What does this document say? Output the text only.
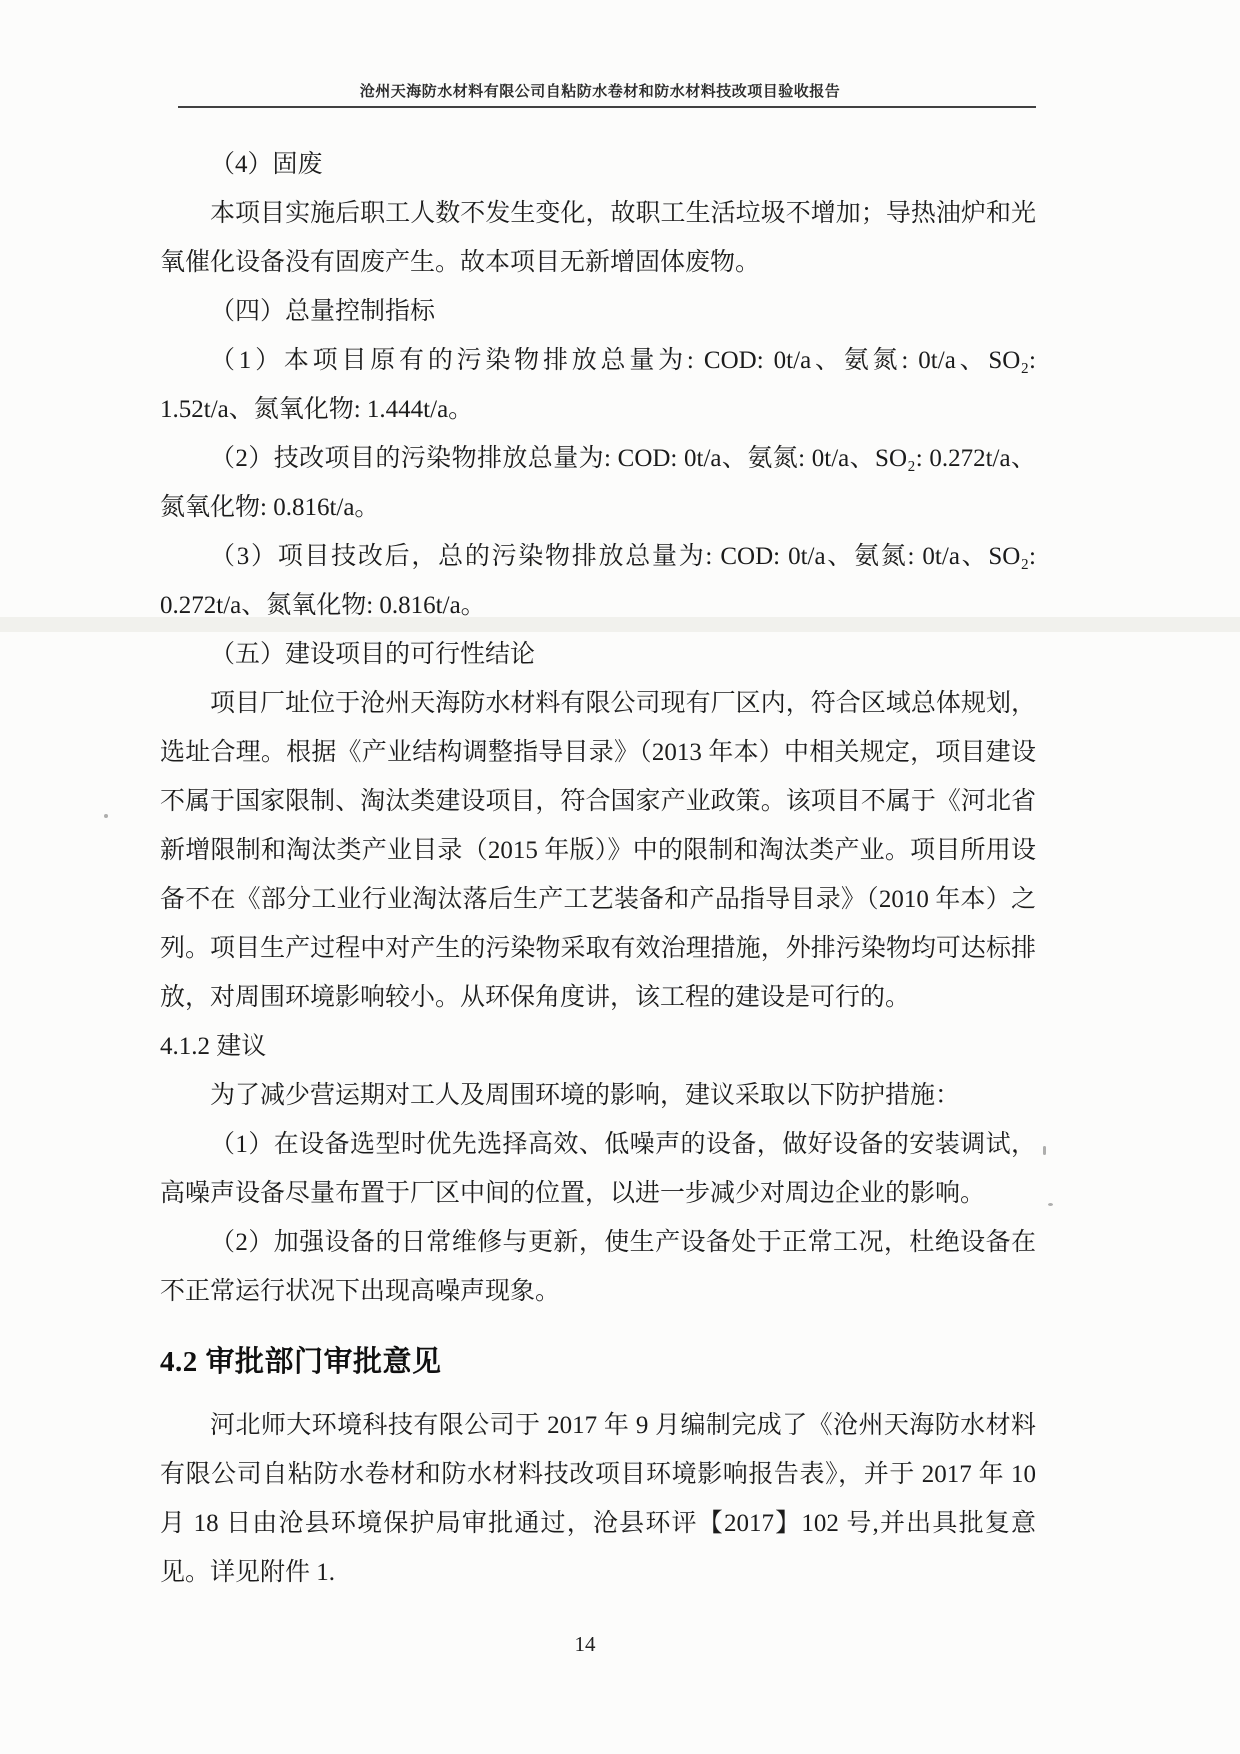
沧州天海防水材料有限公司自粘防水卷材和防水材料技改项目验收报告

（4）固废

本项目实施后职工人数不发生变化，故职工生活垃圾不增加；导热油炉和光氧催化设备没有固废产生。故本项目无新增固体废物。

（四）总量控制指标

（1）本项目原有的污染物排放总量为: COD: 0t/a、氨氮: 0t/a、SO₂: 1.52t/a、氮氧化物: 1.444t/a。

（2）技改项目的污染物排放总量为: COD: 0t/a、氨氮: 0t/a、SO₂: 0.272t/a、氮氧化物: 0.816t/a。

（3）项目技改后，总的污染物排放总量为: COD: 0t/a、氨氮: 0t/a、SO₂: 0.272t/a、氮氧化物: 0.816t/a。

（五）建设项目的可行性结论

项目厂址位于沧州天海防水材料有限公司现有厂区内，符合区域总体规划，选址合理。根据《产业结构调整指导目录》（2013 年本）中相关规定，项目建设不属于国家限制、淘汰类建设项目，符合国家产业政策。该项目不属于《河北省新增限制和淘汰类产业目录（2015 年版）》中的限制和淘汰类产业。项目所用设备不在《部分工业行业淘汰落后生产工艺装备和产品指导目录》（2010 年本）之列。项目生产过程中对产生的污染物采取有效治理措施，外排污染物均可达标排放，对周围环境影响较小。从环保角度讲，该工程的建设是可行的。

4.1.2 建议

为了减少营运期对工人及周围环境的影响，建议采取以下防护措施：

（1）在设备选型时优先选择高效、低噪声的设备，做好设备的安装调试，高噪声设备尽量布置于厂区中间的位置，以进一步减少对周边企业的影响。

（2）加强设备的日常维修与更新，使生产设备处于正常工况，杜绝设备在不正常运行状况下出现高噪声现象。

4.2 审批部门审批意见

河北师大环境科技有限公司于 2017 年 9 月编制完成了《沧州天海防水材料有限公司自粘防水卷材和防水材料技改项目环境影响报告表》，并于 2017 年 10 月 18 日由沧县环境保护局审批通过，沧县环评【2017】102 号,并出具批复意见。详见附件 1.

14
